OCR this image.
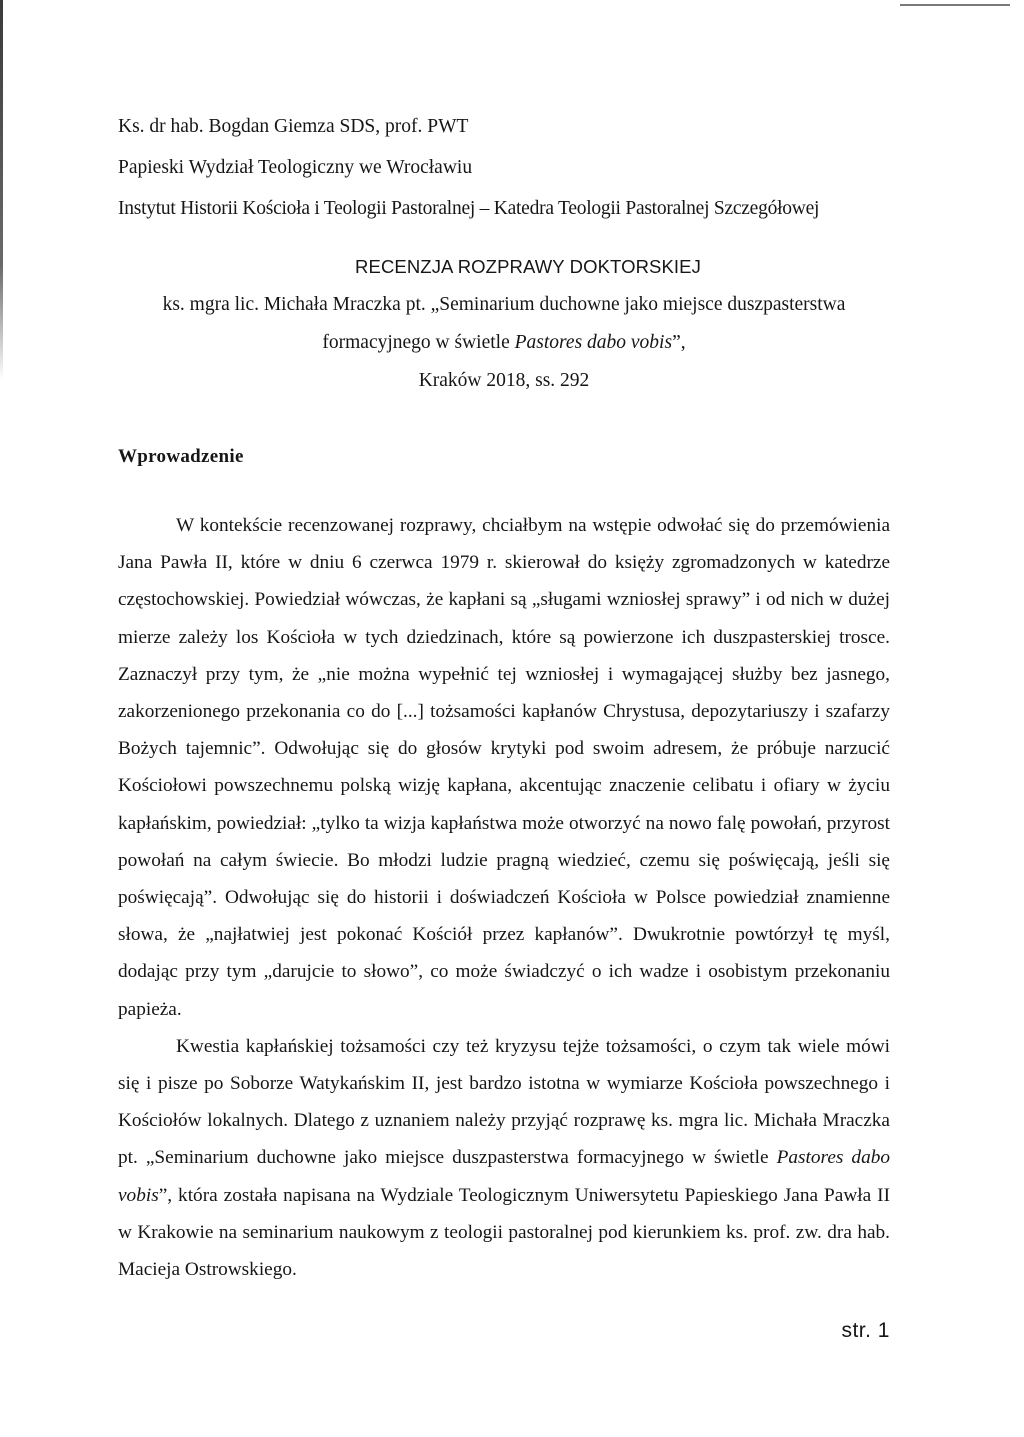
Ks. dr hab. Bogdan Giemza SDS, prof. PWT

Papieski Wydział Teologiczny we Wrocławiu

Instytut Historii Kościoła i Teologii Pastoralnej – Katedra Teologii Pastoralnej Szczegółowej

RECENZJA ROZPRAWY DOKTORSKIEJ

ks. mgra lic. Michała Mraczka pt. „Seminarium duchowne jako miejsce duszpasterstwa

formacyjnego w świetle Pastores dabo vobis”,

Kraków 2018, ss. 292

Wprowadzenie

W kontekście recenzowanej rozprawy, chciałbym na wstępie odwołać się do przemówienia Jana Pawła II, które w dniu 6 czerwca 1979 r. skierował do księży zgromadzonych w katedrze częstochowskiej. Powiedział wówczas, że kapłani są „sługami wzniosłej sprawy” i od nich w dużej mierze zależy los Kościoła w tych dziedzinach, które są powierzone ich duszpasterskiej trosce. Zaznaczył przy tym, że „nie można wypełnić tej wzniosłej i wymagającej służby bez jasnego, zakorzenionego przekonania co do [...] tożsamości kapłanów Chrystusa, depozytariuszy i szafarzy Bożych tajemnic”. Odwołując się do głosów krytyki pod swoim adresem, że próbuje narzucić Kościołowi powszechnemu polską wizję kapłana, akcentując znaczenie celibatu i ofiary w życiu kapłańskim, powiedział: „tylko ta wizja kapłaństwa może otworzyć na nowo falę powołań, przyrost powołań na całym świecie. Bo młodzi ludzie pragną wiedzieć, czemu się poświęcają, jeśli się poświęcają”. Odwołując się do historii i doświadczeń Kościoła w Polsce powiedział znamienne słowa, że „najłatwiej jest pokonać Kościół przez kapłanów”. Dwukrotnie powtórzył tę myśl, dodając przy tym „darujcie to słowo”, co może świadczyć o ich wadze i osobistym przekonaniu papieża.

Kwestia kapłańskiej tożsamości czy też kryzysu tejże tożsamości, o czym tak wiele mówi się i pisze po Soborze Watykańskim II, jest bardzo istotna w wymiarze Kościoła powszechnego i Kościołów lokalnych. Dlatego z uznaniem należy przyjąć rozprawę ks. mgra lic. Michała Mraczka pt. „Seminarium duchowne jako miejsce duszpasterstwa formacyjnego w świetle Pastores dabo vobis”, która została napisana na Wydziale Teologicznym Uniwersytetu Papieskiego Jana Pawła II w Krakowie na seminarium naukowym z teologii pastoralnej pod kierunkiem ks. prof. zw. dra hab. Macieja Ostrowskiego.

str. 1
